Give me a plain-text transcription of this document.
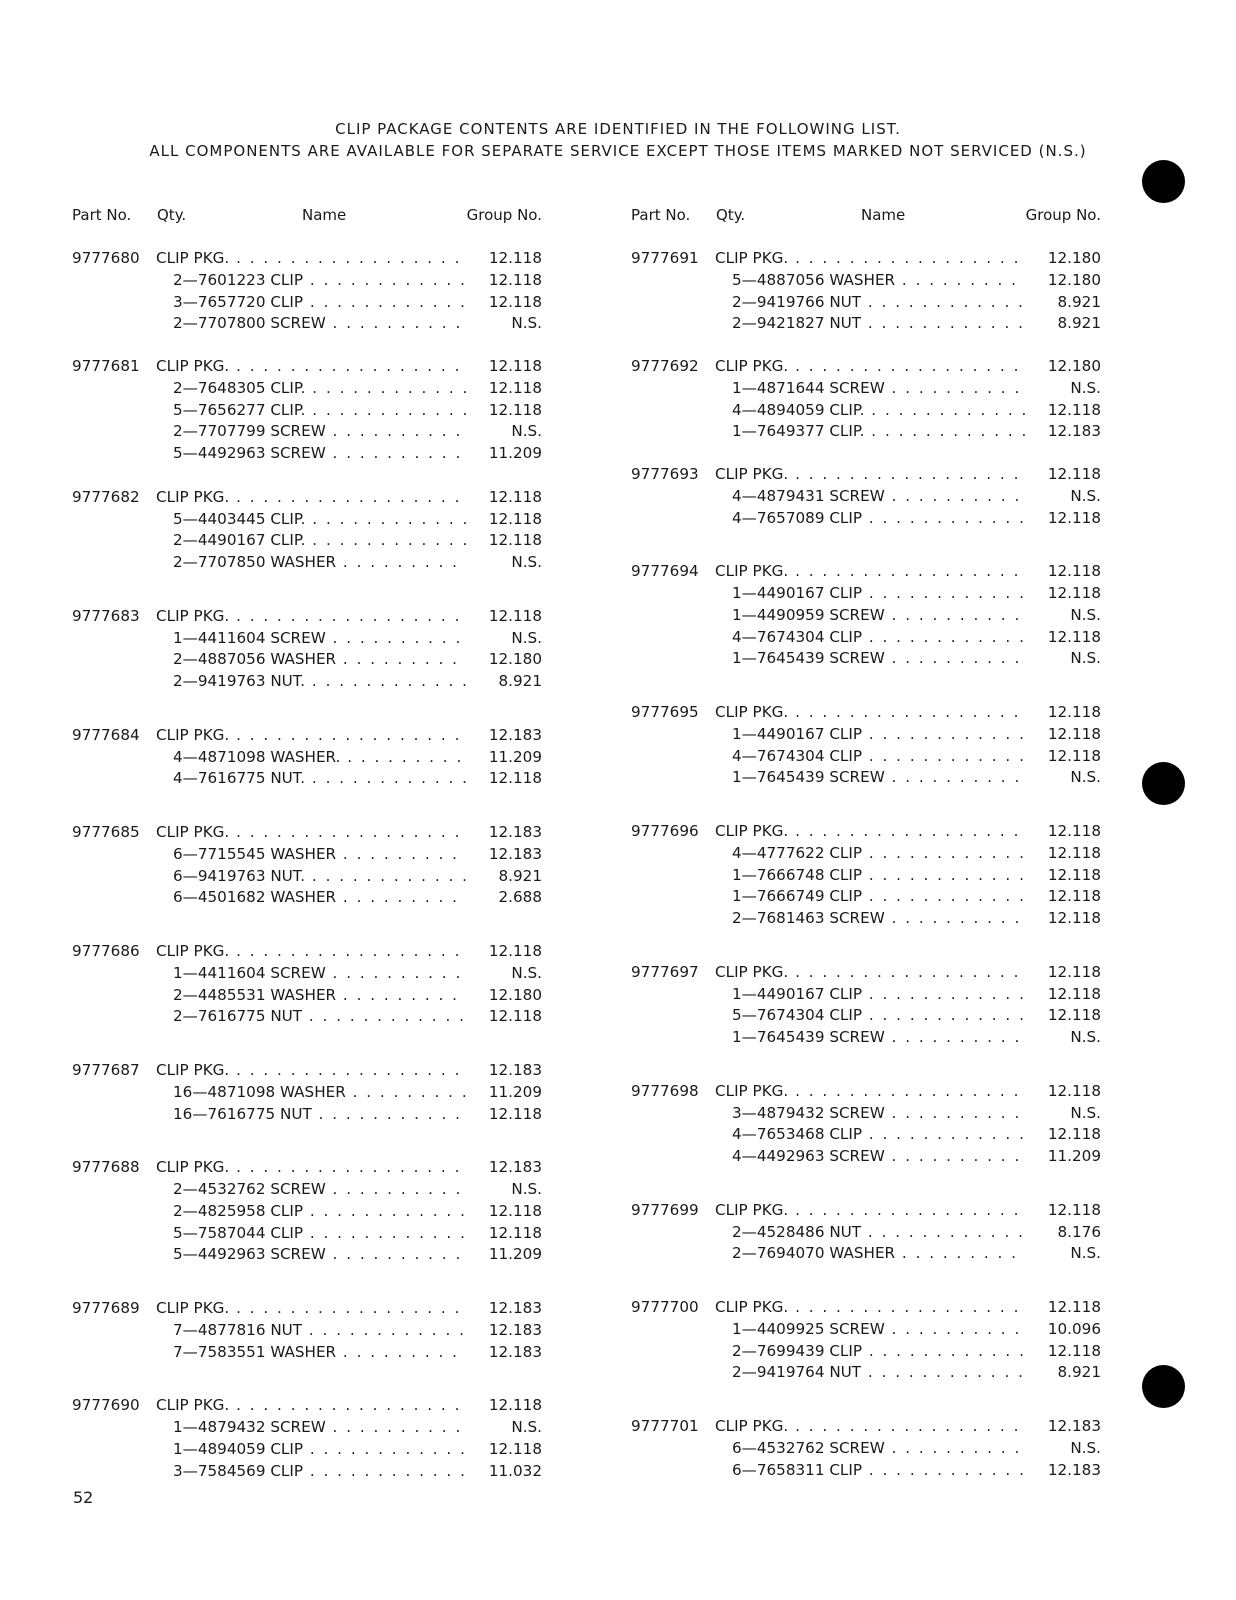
CLIP PACKAGE CONTENTS ARE IDENTIFIED IN THE FOLLOWING LIST.
ALL COMPONENTS ARE AVAILABLE FOR SEPARATE SERVICE EXCEPT THOSE ITEMS MARKED NOT SERVICED (N.S.)
Part No. Qty.	Name	Group No.
9777680 CLIP PKG. . . .	12.118
2—7601223 CLIP . . .	12.118
3—7657720 CLIP . . .	12.118
2—7707800 SCREW . . .	N.S.
9777681 CLIP PKG. . . .	12.118
2—7648305 CLIP. . . .	12.118
5—7656277 CLIP. . . .	12.118
2—7707799 SCREW . . .	N.S.
5—4492963 SCREW . . .	11.209
9777682 CLIP PKG. . . .	12.118
5—4403445 CLIP. . . .	12.118
2—4490167 CLIP. . . .	12.118
2—7707850 WASHER . . .	N.S.
9777683 CLIP PKG. . . .	12.118
1—4411604 SCREW . . .	N.S.
2—4887056 WASHER . . .	12.180
2—9419763 NUT. . . .	8.921
9777684 CLIP PKG. . . .	12.183
4—4871098 WASHER. . . .	11.209
4—7616775 NUT. . . .	12.118
9777685 CLIP PKG. . . .	12.183
6—7715545 WASHER . . .	12.183
6—9419763 NUT. . . .	8.921
6—4501682 WASHER . . .	2.688
9777686 CLIP PKG. . . .	12.118
1—4411604 SCREW . . .	N.S.
2—4485531 WASHER . . .	12.180
2—7616775 NUT . . .	12.118
9777687 CLIP PKG. . . .	12.183
16—4871098 WASHER . . .	11.209
16—7616775 NUT . . .	12.118
9777688 CLIP PKG. . . .	12.183
2—4532762 SCREW . . .	N.S.
2—4825958 CLIP . . .	12.118
5—7587044 CLIP . . .	12.118
5—4492963 SCREW . . .	11.209
9777689 CLIP PKG. . . .	12.183
7—4877816 NUT . . .	12.183
7—7583551 WASHER . . .	12.183
9777690 CLIP PKG. . . .	12.118
1—4879432 SCREW . . .	N.S.
1—4894059 CLIP . . .	12.118
3—7584569 CLIP . . .	11.032
Part No. Qty.	Name	Group No.
9777691 CLIP PKG. . . .	12.180
5—4887056 WASHER . . .	12.180
2—9419766 NUT . . .	8.921
2—9421827 NUT . . .	8.921
9777692 CLIP PKG. . . .	12.180
1—4871644 SCREW . . .	N.S.
4—4894059 CLIP. . . .	12.118
1—7649377 CLIP. . . .	12.183
9777693 CLIP PKG. . . .	12.118
4—4879431 SCREW . . .	N.S.
4—7657089 CLIP . . .	12.118
9777694 CLIP PKG. . . .	12.118
1—4490167 CLIP . . .	12.118
1—4490959 SCREW . . .	N.S.
4—7674304 CLIP . . .	12.118
1—7645439 SCREW . . .	N.S.
9777695 CLIP PKG. . . .	12.118
1—4490167 CLIP . . .	12.118
4—7674304 CLIP . . .	12.118
1—7645439 SCREW . . .	N.S.
9777696 CLIP PKG. . . .	12.118
4—4777622 CLIP . . .	12.118
1—7666748 CLIP . . .	12.118
1—7666749 CLIP . . .	12.118
2—7681463 SCREW . . .	12.118
9777697 CLIP PKG. . . .	12.118
1—4490167 CLIP . . .	12.118
5—7674304 CLIP . . .	12.118
1—7645439 SCREW . . .	N.S.
9777698 CLIP PKG. . . .	12.118
3—4879432 SCREW . . .	N.S.
4—7653468 CLIP . . .	12.118
4—4492963 SCREW . . .	11.209
9777699 CLIP PKG. . . .	12.118
2—4528486 NUT . . .	8.176
2—7694070 WASHER . . .	N.S.
9777700 CLIP PKG. . . .	12.118
1—4409925 SCREW . . .	10.096
2—7699439 CLIP . . .	12.118
2—9419764 NUT . . .	8.921
9777701 CLIP PKG. . . .	12.183
6—4532762 SCREW . . .	N.S.
6—7658311 CLIP . . .	12.183
52
